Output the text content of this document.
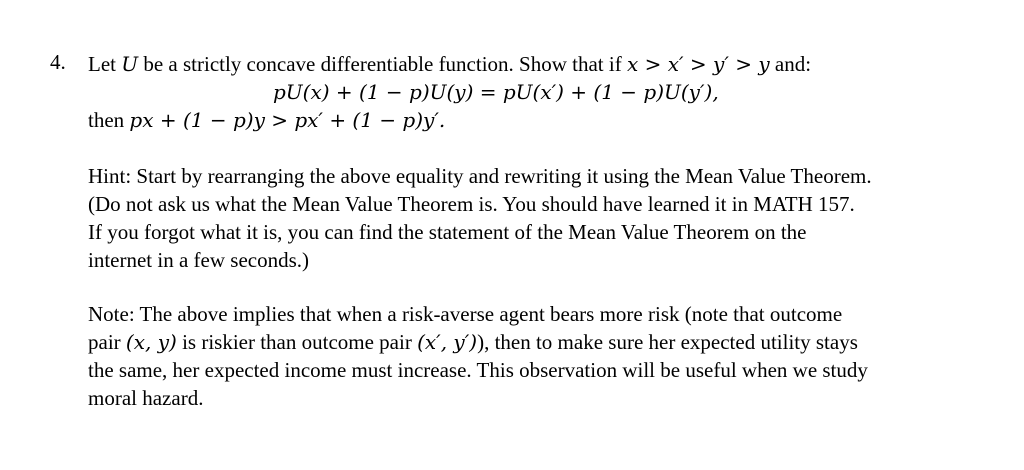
4. Let U be a strictly concave differentiable function. Show that if x > x′ > y′ > y and:
pU(x) + (1 − p)U(y) = pU(x′) + (1 − p)U(y′),
then px + (1 − p)y > px′ + (1 − p)y′.
Hint: Start by rearranging the above equality and rewriting it using the Mean Value Theorem.
(Do not ask us what the Mean Value Theorem is. You should have learned it in MATH 157.
If you forgot what it is, you can find the statement of the Mean Value Theorem on the
internet in a few seconds.)
Note: The above implies that when a risk-averse agent bears more risk (note that outcome
pair (x, y) is riskier than outcome pair (x′, y′)), then to make sure her expected utility stays
the same, her expected income must increase. This observation will be useful when we study
moral hazard.
